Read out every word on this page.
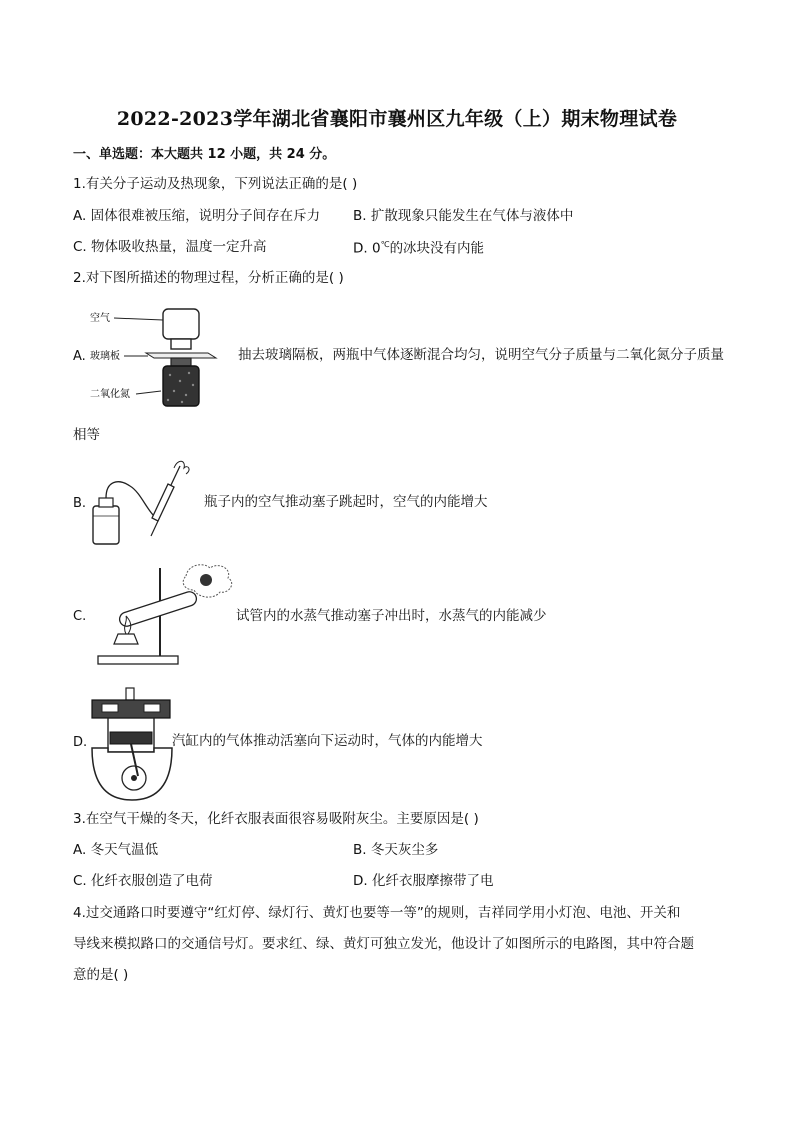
2022-2023学年湖北省襄阳市襄州区九年级（上）期末物理试卷
一、单选题：本大题共 12 小题，共 24 分。
1.有关分子运动及热现象，下列说法正确的是( )
A. 固体很难被压缩，说明分子间存在斥力 B. 扩散现象只能发生在气体与液体中
C. 物体吸收热量，温度一定升高	D. 0℃的冰块没有内能
2.对下图所描述的物理过程，分析正确的是( )
A.
空气
玻璃板
二氧化氮
抽去玻璃隔板，两瓶中气体逐断混合均匀，说明空气分子质量与二氧化氮分子质量
相等
B.	瓶子内的空气推动塞子跳起时，空气的内能增大
C.	试管内的水蒸气推动塞子冲出时，水蒸气的内能减少
D.	汽缸内的气体推动活塞向下运动时，气体的内能增大
3.在空气干燥的冬天，化纤衣服表面很容易吸附灰尘。主要原因是( )
A. 冬天气温低	B. 冬天灰尘多
C. 化纤衣服创造了电荷	D. 化纤衣服摩擦带了电
4.过交通路口时要遵守“红灯停、绿灯行、黄灯也要等一等”的规则，吉祥同学用小灯泡、电池、开关和
导线来模拟路口的交通信号灯。要求红、绿、黄灯可独立发光，他设计了如图所示的电路图，其中符合题
意的是( )
